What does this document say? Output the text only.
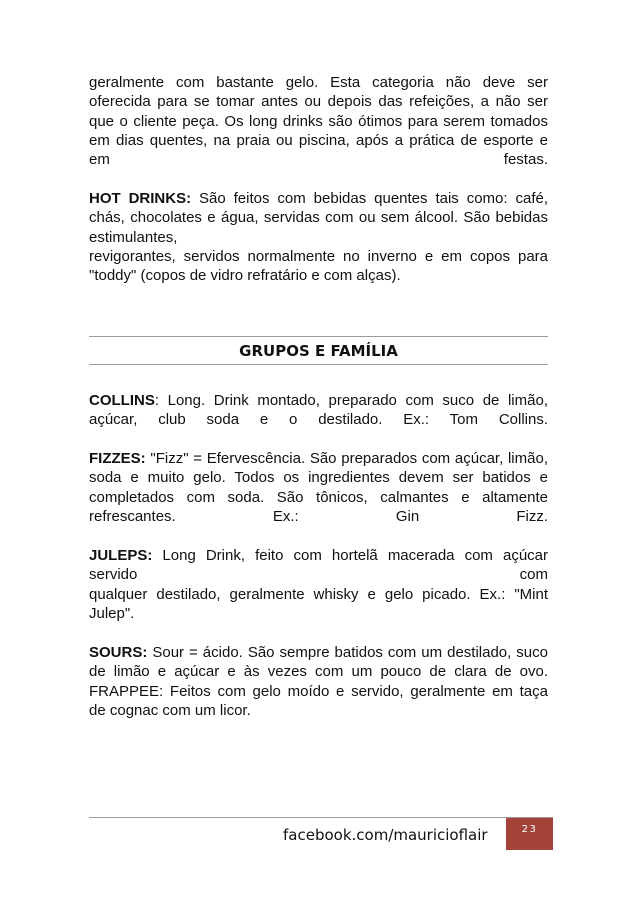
geralmente com bastante gelo. Esta categoria não deve ser
oferecida para se tomar antes ou depois das refeições, a não ser
que o cliente peça. Os long drinks são ótimos para serem tomados
em dias quentes, na praia ou piscina, após a prática de esporte e
em festas.
HOT DRINKS: São feitos com bebidas quentes tais como: café,
chás, chocolates e água, servidas com ou sem álcool. São bebidas
estimulantes,
revigorantes, servidos normalmente no inverno e em copos para
"toddy" (copos de vidro refratário e com alças).
GRUPOS E FAMÍLIA
COLLINS: Long. Drink montado, preparado com suco de limão,
açúcar, club soda e o destilado. Ex.: Tom Collins.
FIZZES: "Fizz" = Efervescência. São preparados com açúcar, limão,
soda e muito gelo. Todos os ingredientes devem ser batidos e
completados com soda. São tônicos, calmantes e altamente
refrescantes. Ex.: Gin Fizz.
JULEPS: Long Drink, feito com hortelã macerada com açúcar
servido com
qualquer destilado, geralmente whisky e gelo picado. Ex.: "Mint
Julep".
SOURS: Sour = ácido. São sempre batidos com um destilado, suco
de limão e açúcar e às vezes com um pouco de clara de ovo.
FRAPPEE: Feitos com gelo moído e servido, geralmente em taça
de cognac com um licor.
facebook.com/mauricioflair	23
